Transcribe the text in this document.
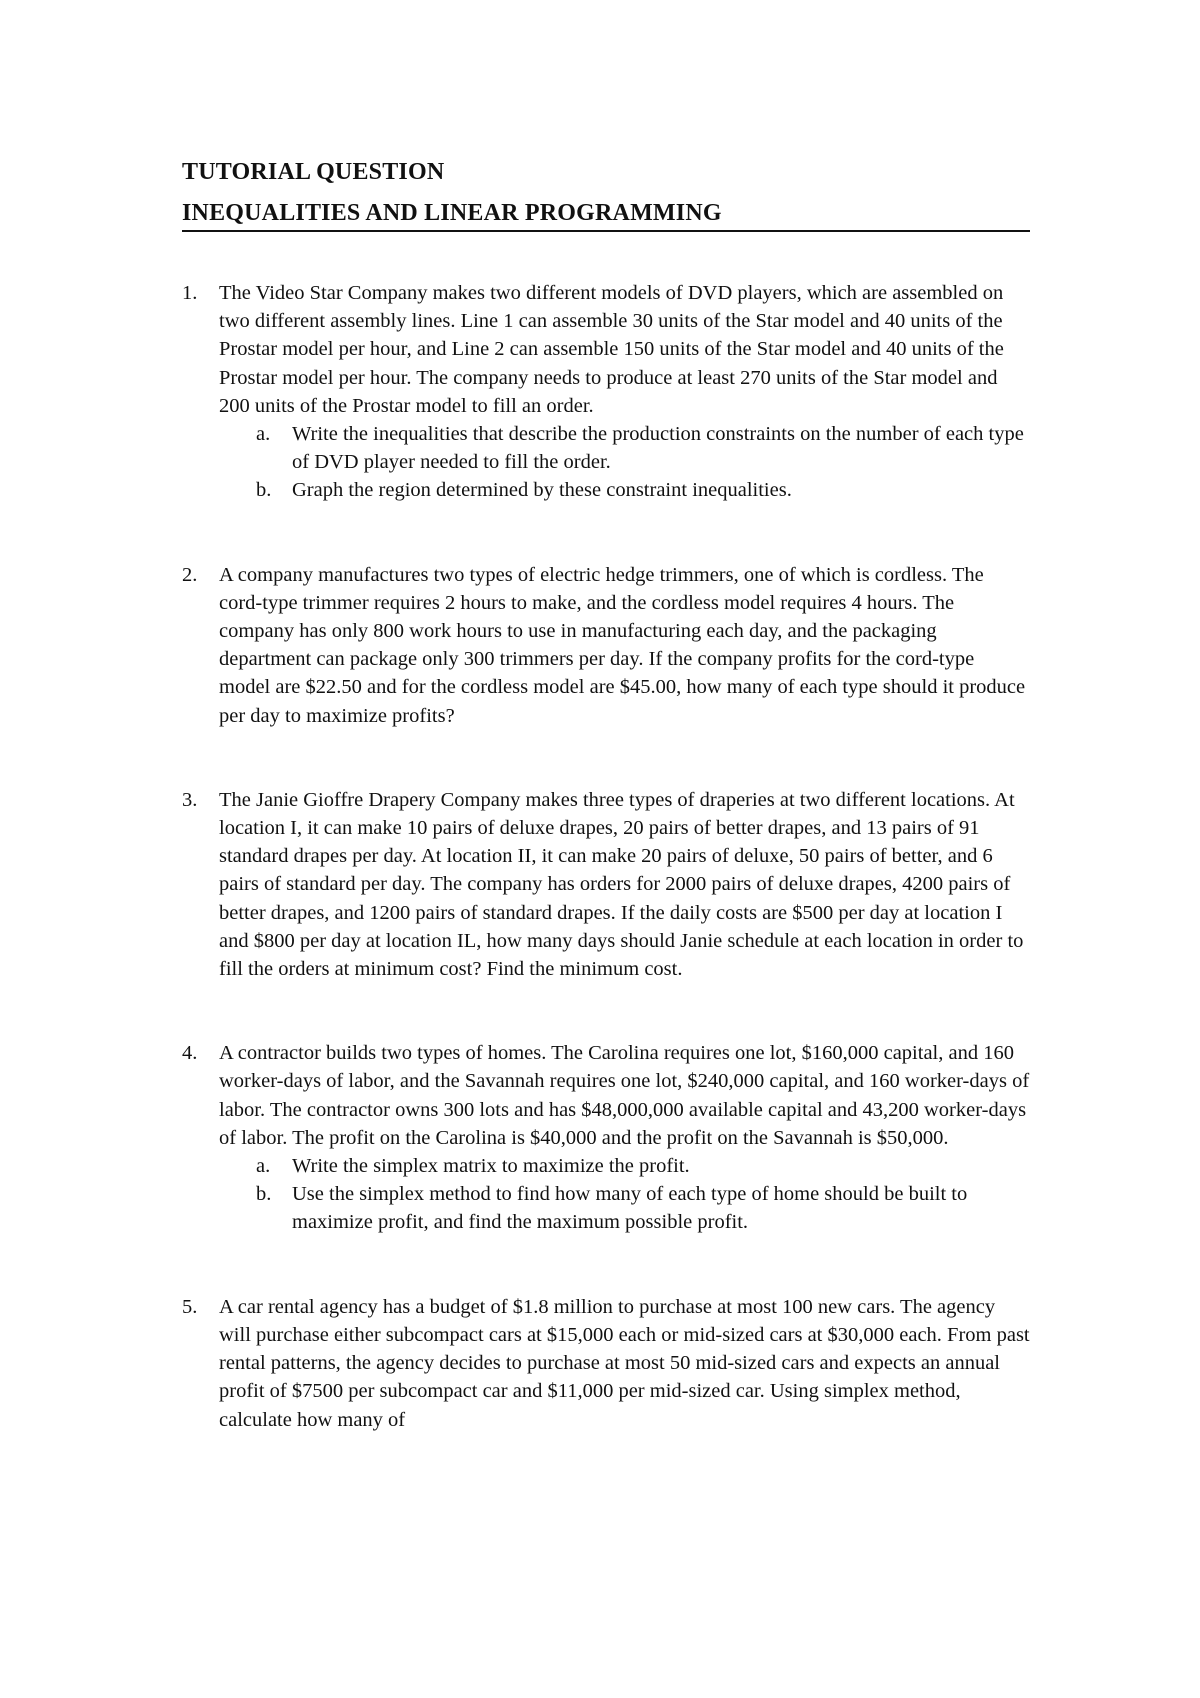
TUTORIAL QUESTION
INEQUALITIES AND LINEAR PROGRAMMING
1. The Video Star Company makes two different models of DVD players, which are assembled on two different assembly lines. Line 1 can assemble 30 units of the Star model and 40 units of the Prostar model per hour, and Line 2 can assemble 150 units of the Star model and 40 units of the Prostar model per hour. The company needs to produce at least 270 units of the Star model and 200 units of the Prostar model to fill an order.
a. Write the inequalities that describe the production constraints on the number of each type of DVD player needed to fill the order.
b. Graph the region determined by these constraint inequalities.
2. A company manufactures two types of electric hedge trimmers, one of which is cordless. The cord-type trimmer requires 2 hours to make, and the cordless model requires 4 hours. The company has only 800 work hours to use in manufacturing each day, and the packaging department can package only 300 trimmers per day. If the company profits for the cord-type model are $22.50 and for the cordless model are $45.00, how many of each type should it produce per day to maximize profits?
3. The Janie Gioffre Drapery Company makes three types of draperies at two different locations. At location I, it can make 10 pairs of deluxe drapes, 20 pairs of better drapes, and 13 pairs of 91 standard drapes per day. At location II, it can make 20 pairs of deluxe, 50 pairs of better, and 6 pairs of standard per day. The company has orders for 2000 pairs of deluxe drapes, 4200 pairs of better drapes, and 1200 pairs of standard drapes. If the daily costs are $500 per day at location I and $800 per day at location IL, how many days should Janie schedule at each location in order to fill the orders at minimum cost? Find the minimum cost.
4. A contractor builds two types of homes. The Carolina requires one lot, $160,000 capital, and 160 worker-days of labor, and the Savannah requires one lot, $240,000 capital, and 160 worker-days of labor. The contractor owns 300 lots and has $48,000,000 available capital and 43,200 worker-days of labor. The profit on the Carolina is $40,000 and the profit on the Savannah is $50,000.
a. Write the simplex matrix to maximize the profit.
b. Use the simplex method to find how many of each type of home should be built to maximize profit, and find the maximum possible profit.
5. A car rental agency has a budget of $1.8 million to purchase at most 100 new cars. The agency will purchase either subcompact cars at $15,000 each or mid-sized cars at $30,000 each. From past rental patterns, the agency decides to purchase at most 50 mid-sized cars and expects an annual profit of $7500 per subcompact car and $11,000 per mid-sized car. Using simplex method, calculate how many of
